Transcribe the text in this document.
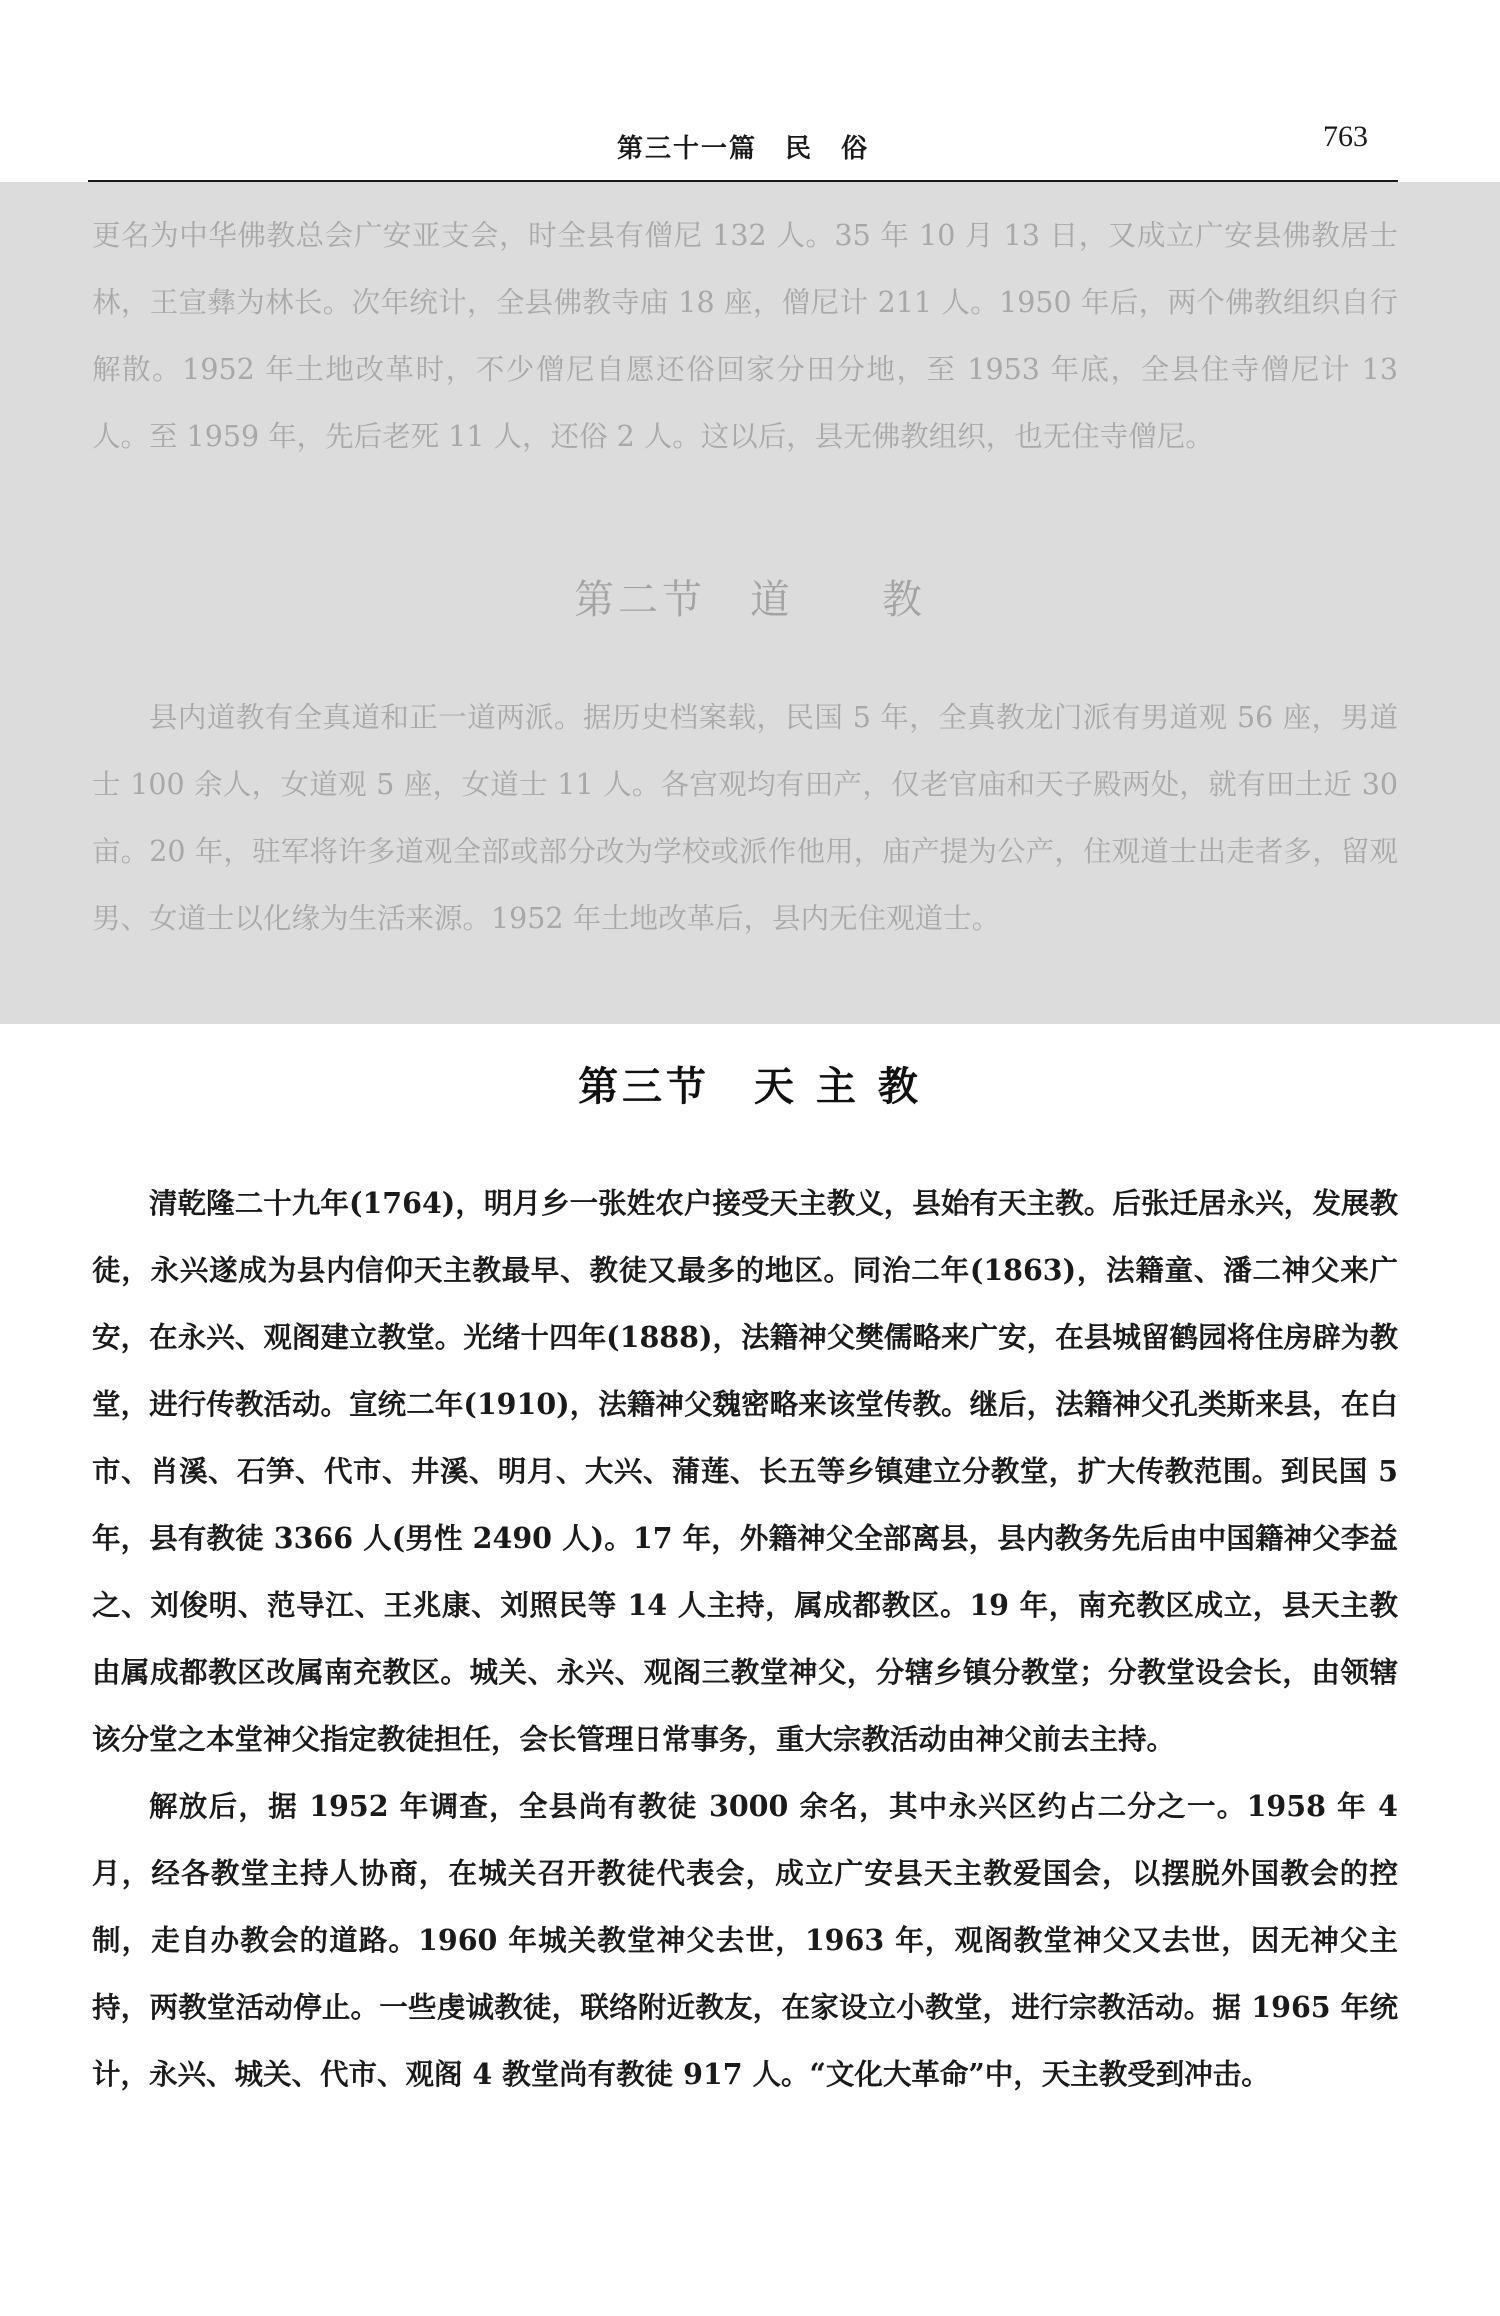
第三十一篇　民　俗	763
更名为中华佛教总会广安亚支会，时全县有僧尼 132 人。35 年 10 月 13 日，又成立广安县佛教居士林，王宣彝为林长。次年统计，全县佛教寺庙 18 座，僧尼计 211 人。1950 年后，两个佛教组织自行解散。1952 年土地改革时，不少僧尼自愿还俗回家分田分地，至 1953 年底，全县住寺僧尼计 13 人。至 1959 年，先后老死 11 人，还俗 2 人。这以后，县无佛教组织，也无住寺僧尼。
第二节　道　　教
县内道教有全真道和正一道两派。据历史档案载，民国 5 年，全真教龙门派有男道观 56 座，男道士 100 余人，女道观 5 座，女道士 11 人。各宫观均有田产，仅老官庙和天子殿两处，就有田土近 30 亩。20 年，驻军将许多道观全部或部分改为学校或派作他用，庙产提为公产，住观道士出走者多，留观男、女道士以化缘为生活来源。1952 年土地改革后，县内无住观道士。
第三节　天 主 教

清乾隆二十九年(1764)，明月乡一张姓农户接受天主教义，县始有天主教。后张迁居永兴，发展教徒，永兴遂成为县内信仰天主教最早、教徒又最多的地区。同治二年(1863)，法籍童、潘二神父来广安，在永兴、观阁建立教堂。光绪十四年(1888)，法籍神父樊儒略来广安，在县城留鹤园将住房辟为教堂，进行传教活动。宣统二年(1910)，法籍神父魏密略来该堂传教。继后，法籍神父孔类斯来县，在白市、肖溪、石笋、代市、井溪、明月、大兴、蒲莲、长五等乡镇建立分教堂，扩大传教范围。到民国 5 年，县有教徒 3366 人(男性 2490 人)。17 年，外籍神父全部离县，县内教务先后由中国籍神父李益之、刘俊明、范导江、王兆康、刘照民等 14 人主持，属成都教区。19 年，南充教区成立，县天主教由属成都教区改属南充教区。城关、永兴、观阁三教堂神父，分辖乡镇分教堂；分教堂设会长，由领辖该分堂之本堂神父指定教徒担任，会长管理日常事务，重大宗教活动由神父前去主持。

解放后，据 1952 年调查，全县尚有教徒 3000 余名，其中永兴区约占二分之一。1958 年 4 月，经各教堂主持人协商，在城关召开教徒代表会，成立广安县天主教爱国会，以摆脱外国教会的控制，走自办教会的道路。1960 年城关教堂神父去世，1963 年，观阁教堂神父又去世，因无神父主持，两教堂活动停止。一些虔诚教徒，联络附近教友，在家设立小教堂，进行宗教活动。据 1965 年统计，永兴、城关、代市、观阁 4 教堂尚有教徒 917 人。“文化大革命”中，天主教受到冲击。
